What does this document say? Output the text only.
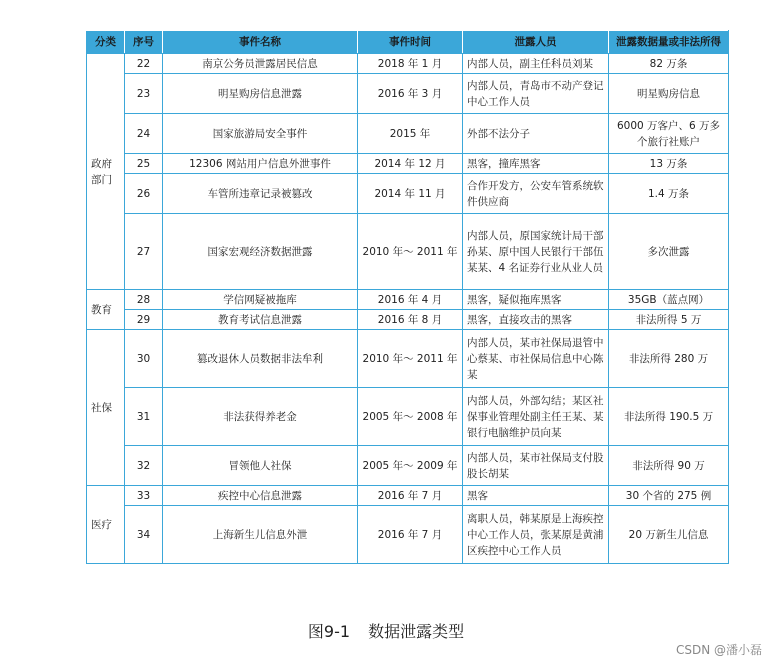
分类	序号	事件名称	事件时间	泄露人员	泄露数据量或非法所得
政府部门	22	南京公务员泄露居民信息	2018 年 1 月	内部人员，副主任科员刘某	82 万条
	23	明星购房信息泄露	2016 年 3 月	内部人员，青岛市不动产登记中心工作人员	明星购房信息
	24	国家旅游局安全事件	2015 年	外部不法分子	6000 万客户、6 万多个旅行社账户
	25	12306 网站用户信息外泄事件	2014 年 12 月	黑客，撞库黑客	13 万条
	26	车管所违章记录被篡改	2014 年 11 月	合作开发方，公安车管系统软件供应商	1.4 万条
	27	国家宏观经济数据泄露	2010 年～ 2011 年	内部人员，原国家统计局干部孙某、原中国人民银行干部伍某某、4 名证券行业从业人员	多次泄露
教育	28	学信网疑被拖库	2016 年 4 月	黑客，疑似拖库黑客	35GB（蓝点网）
	29	教育考试信息泄露	2016 年 8 月	黑客，直接攻击的黑客	非法所得 5 万
社保	30	篡改退休人员数据非法牟利	2010 年～ 2011 年	内部人员，某市社保局退管中心蔡某、市社保局信息中心陈某	非法所得 280 万
	31	非法获得养老金	2005 年～ 2008 年	内部人员，外部勾结；某区社保事业管理处副主任王某、某银行电脑维护员向某	非法所得 190.5 万
	32	冒领他人社保	2005 年～ 2009 年	内部人员，某市社保局支付股股长胡某	非法所得 90 万
医疗	33	疾控中心信息泄露	2016 年 7 月	黑客	30 个省的 275 例
	34	上海新生儿信息外泄	2016 年 7 月	离职人员，韩某原是上海疾控中心工作人员，张某原是黄浦区疾控中心工作人员	20 万新生儿信息
图9-1 数据泄露类型
CSDN @潘小磊
